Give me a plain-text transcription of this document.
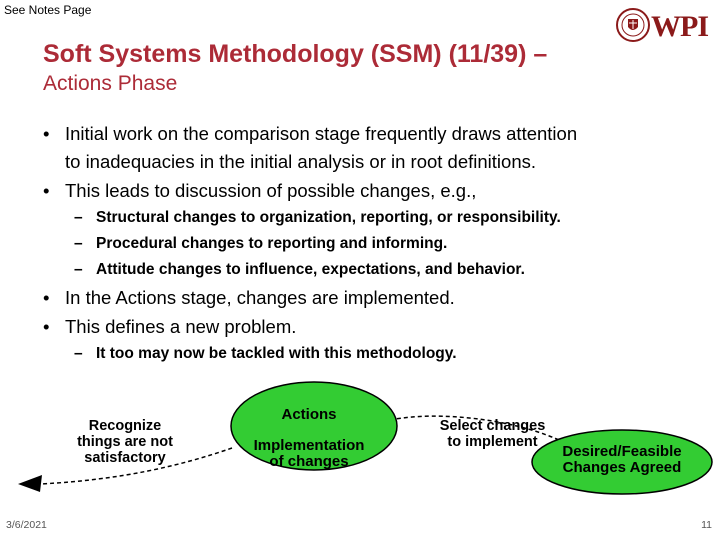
See Notes Page	WPI
Soft Systems Methodology (SSM) (11/39) –
Actions Phase
• Initial work on the comparison stage frequently draws attention
to inadequacies in the initial analysis or in root definitions.
• This leads to discussion of possible changes, e.g.,
– Structural changes to organization, reporting, or responsibility.
– Procedural changes to reporting and informing.
– Attitude changes to influence, expectations, and behavior.
• In the Actions stage, changes are implemented.
• This defines a new problem.
– It too may now be tackled with this methodology.
Recognize
things are not
satisfactory
Actions
Implementation
of changes
Select changes
to implement
Desired/Feasible
Changes Agreed
3/6/2021	11
